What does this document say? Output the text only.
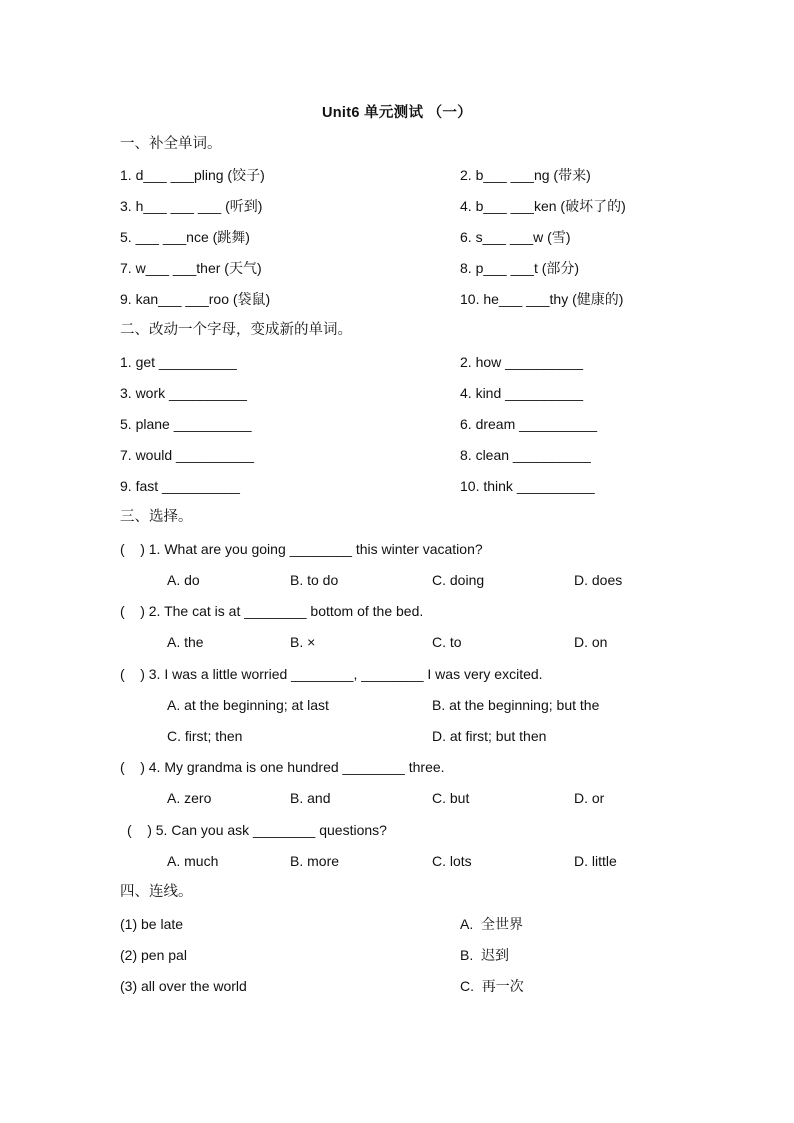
Unit6 单元测试 （一）
一、补全单词。
1. d___ ___pling (饺子)	2. b___ ___ng (带来)
3. h___ ___ ___ (听到)	4. b___ ___ken (破坏了的)
5. ___ ___nce (跳舞)	6. s___ ___w (雪)
7. w___ ___ther (天气)	8. p___ ___t (部分)
9. kan___ ___roo (袋鼠)	10. he___ ___thy (健康的)
二、改动一个字母，变成新的单词。
1. get __________	2. how __________
3. work __________	4. kind __________
5. plane __________	6. dream __________
7. would __________	8. clean __________
9. fast __________	10. think __________
三、选择。
(    ) 1. What are you going ________ this winter vacation?
A. do	B. to do	C. doing	D. does
(    ) 2. The cat is at ________ bottom of the bed.
A. the	B. ×	C. to	D. on
(    ) 3. I was a little worried ________, ________ I was very excited.
A. at the beginning; at last	B. at the beginning; but the
C. first; then	D. at first; but then
(    ) 4. My grandma is one hundred ________ three.
A. zero	B. and	C. but	D. or
(    ) 5. Can you ask ________ questions?
A. much	B. more	C. lots	D. little
四、连线。
(1) be late	A.  全世界
(2) pen pal	B.  迟到
(3) all over the world	C.  再一次
